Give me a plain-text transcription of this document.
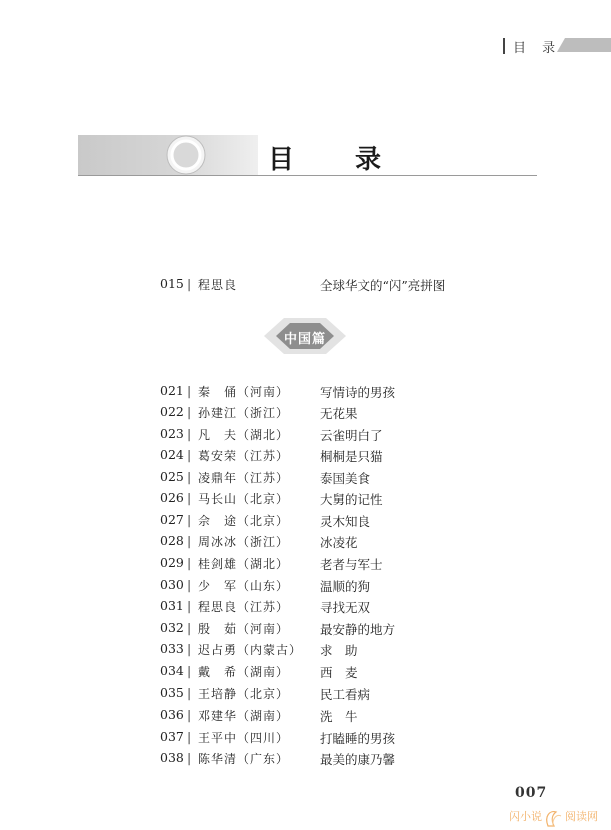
目 录
目 录
015 | 程思良	全球华文的“闪”亮拼图
中国篇
021 | 秦　俑（河南） 写情诗的男孩
022 | 孙建江（浙江） 无花果
023 | 凡　夫（湖北） 云雀明白了
024 | 葛安荣（江苏） 桐桐是只猫
025 | 凌鼎年（江苏） 泰国美食
026 | 马长山（北京） 大舅的记性
027 | 佘　途（北京） 灵木知良
028 | 周冰冰（浙江） 冰凌花
029 | 桂剑雄（湖北） 老者与军士
030 | 少　军（山东） 温顺的狗
031 | 程思良（江苏） 寻找无双
032 | 殷　茹（河南） 最安静的地方
033 | 迟占勇（内蒙古） 求　助
034 | 戴　希（湖南） 西　麦
035 | 王培静（北京） 民工看病
036 | 邓建华（湖南） 洗　牛
037 | 王平中（四川） 打瞌睡的男孩
038 | 陈华清（广东） 最美的康乃馨
007
闪小说 阅读网
